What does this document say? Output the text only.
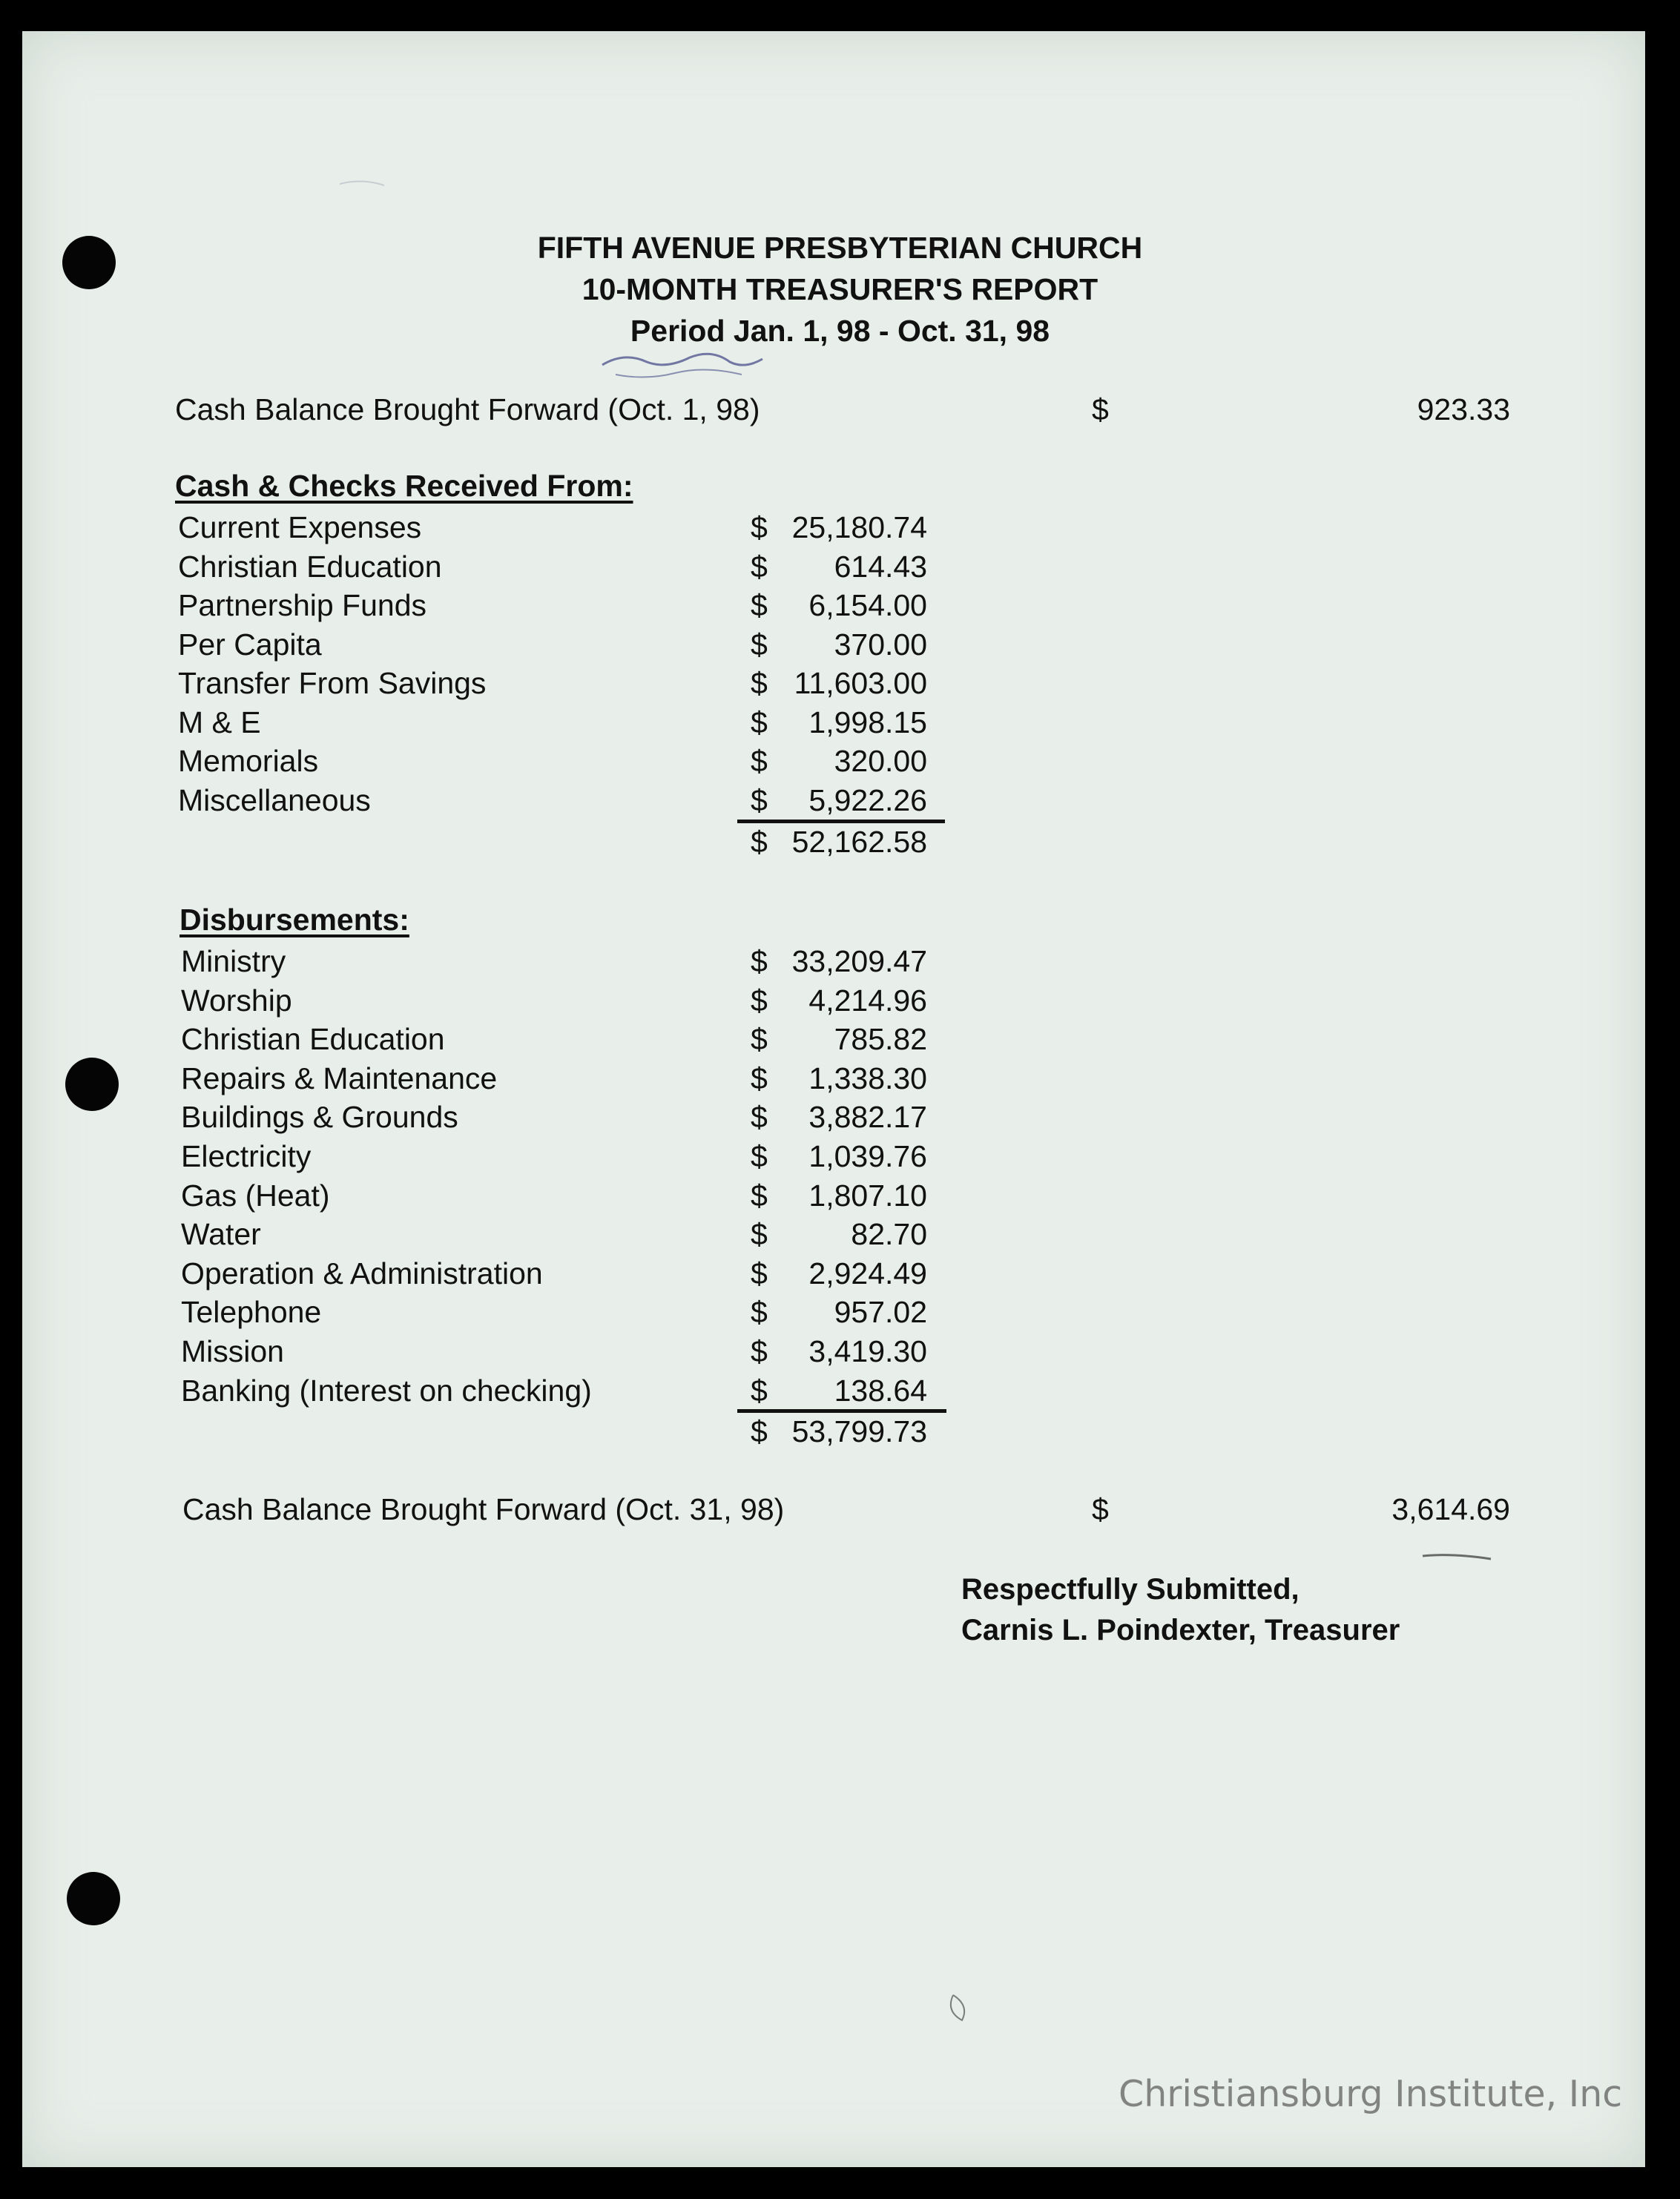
FIFTH AVENUE PRESBYTERIAN CHURCH
10-MONTH TREASURER'S REPORT
Period Jan. 1, 98 - Oct. 31, 98
Cash Balance Brought Forward (Oct. 1, 98)	$	923.33
Cash & Checks Received From:
Current Expenses	$ 25,180.74
Christian Education	$	614.43
Partnership Funds	$	6,154.00
Per Capita	$	370.00
Transfer From Savings	$ 11,603.00
M & E	$	1,998.15
Memorials	$	320.00
Miscellaneous	$	5,922.26
$ 52,162.58
Disbursements:
Ministry	$ 33,209.47
Worship	$	4,214.96
Christian Education	$	785.82
Repairs & Maintenance	$	1,338.30
Buildings & Grounds	$	3,882.17
Electricity	$	1,039.76
Gas (Heat)	$	1,807.10
Water	$	82.70
Operation & Administration	$	2,924.49
Telephone	$	957.02
Mission	$	3,419.30
Banking (Interest on checking)	$	138.64
$ 53,799.73
Cash Balance Brought Forward (Oct. 31, 98)	$	3,614.69
Respectfully Submitted,
Carnis L. Poindexter, Treasurer
Christiansburg Institute, Inc
